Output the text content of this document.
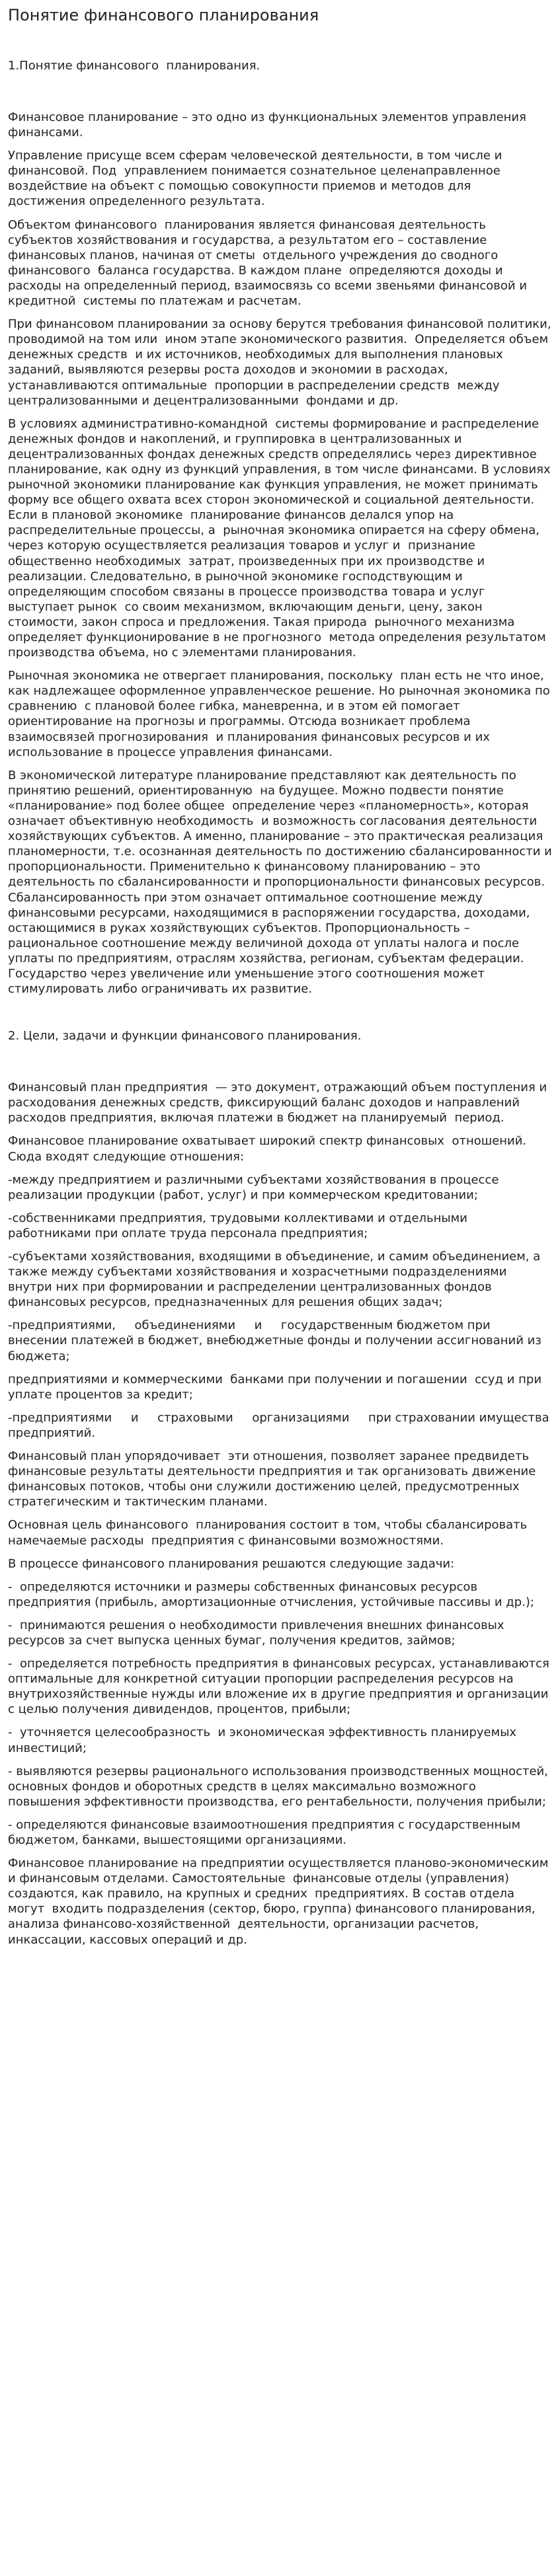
Понятие финансового планирования
1.Понятие финансового  планирования.

Финансовое планирование – это одно из функциональных элементов управления финансами.

Управление присуще всем сферам человеческой деятельности, в том числе и финансовой. Под  управлением понимается сознательное целенаправленное воздействие на объект с помощью совокупности приемов и методов для достижения определенного результата.

Объектом финансового  планирования является финансовая деятельность субъектов хозяйствования и государства, а результатом его – составление финансовых планов, начиная от сметы  отдельного учреждения до сводного финансового  баланса государства. В каждом плане  определяются доходы и расходы на определенный период, взаимосвязь со всеми звеньями финансовой и кредитной  системы по платежам и расчетам.

При финансовом планировании за основу берутся требования финансовой политики, проводимой на том или  ином этапе экономического развития.  Определяется объем денежных средств  и их источников, необходимых для выполнения плановых заданий, выявляются резервы роста доходов и экономии в расходах, устанавливаются оптимальные  пропорции в распределении средств  между централизованными и децентрализованными  фондами и др.

В условиях административно-командной  системы формирование и распределение  денежных фондов и накоплений, и группировка в централизованных и децентрализованных фондах денежных средств определялись через директивное  планирование, как одну из функций управления, в том числе финансами. В условиях рыночной экономики планирование как функция управления, не может принимать форму все общего охвата всех сторон экономической и социальной деятельности. Если в плановой экономике  планирование финансов делался упор на распределительные процессы, а  рыночная экономика опирается на сферу обмена, через которую осуществляется реализация товаров и услуг и  признание общественно необходимых  затрат, произведенных при их производстве и реализации. Следовательно, в рыночной экономике господствующим и определяющим способом связаны в процессе производства товара и услуг выступает рынок  со своим механизмом, включающим деньги, цену, закон стоимости, закон спроса и предложения. Такая природа  рыночного механизма определяет функционирование в не прогнозного  метода определения результатом  производства объема, но с элементами планирования.

Рыночная экономика не отвергает планирования, поскольку  план есть не что иное, как надлежащее оформленное управленческое решение. Но рыночная экономика по сравнению  с плановой более гибка, маневренна, и в этом ей помогает ориентирование на прогнозы и программы. Отсюда возникает проблема взаимосвязей прогнозирования  и планирования финансовых ресурсов и их использование в процессе управления финансами.

В экономической литературе планирование представляют как деятельность по принятию решений, ориентированную  на будущее. Можно подвести понятие «планирование» под более общее  определение через «планомерность», которая означает объективную необходимость  и возможность согласования деятельности хозяйствующих субъектов. А именно, планирование – это практическая реализация планомерности, т.е. осознанная деятельность по достижению сбалансированности и пропорциональности. Применительно к финансовому планированию – это деятельность по сбалансированности и пропорциональности финансовых ресурсов. Сбалансированность при этом означает оптимальное соотношение между финансовыми ресурсами, находящимися в распоряжении государства, доходами, остающимися в руках хозяйствующих субъектов. Пропорциональность – рациональное соотношение между величиной дохода от уплаты налога и после уплаты по предприятиям, отраслям хозяйства, регионам, субъектам федерации. Государство через увеличение или уменьшение этого соотношения может стимулировать либо ограничивать их развитие.

2. Цели, задачи и функции финансового планирования.

Финансовый план предприятия  — это документ, отражающий объем поступления и расходования денежных средств, фиксирующий баланс доходов и направлений расходов предприятия, включая платежи в бюджет на планируемый  период.

Финансовое планирование охватывает широкий спектр финансовых  отношений. Сюда входят следующие отношения:

-между предприятием и различными субъектами хозяйствования в процессе реализации продукции (работ, услуг) и при коммерческом кредитовании;

-собственниками предприятия, трудовыми коллективами и отдельными работниками при оплате труда персонала предприятия;

-субъектами хозяйствования, входящими в объединение, и самим объединением, а также между субъектами хозяйствования и хозрасчетными подразделениями внутри них при формировании и распределении централизованных фондов финансовых ресурсов, предназначенных для решения общих задач;

-предприятиями,     объединениями     и     государственным бюджетом при внесении платежей в бюджет, внебюджетные фонды и получении ассигнований из бюджета;

предприятиями и коммерческими  банками при получении и погашении  ссуд и при уплате процентов за кредит;

-предприятиями     и     страховыми     организациями     при страховании имущества предприятий.

Финансовый план упорядочивает  эти отношения, позволяет заранее предвидеть финансовые результаты деятельности предприятия и так организовать движение финансовых потоков, чтобы они служили достижению целей, предусмотренных  стратегическим и тактическим планами.

Основная цель финансового  планирования состоит в том, чтобы сбалансировать намечаемые расходы  предприятия с финансовыми возможностями.

В процессе финансового планирования решаются следующие задачи:

-  определяются источники и размеры собственных финансовых ресурсов предприятия (прибыль, амортизационные отчисления, устойчивые пассивы и др.);

-  принимаются решения о необходимости привлечения внешних финансовых ресурсов за счет выпуска ценных бумаг, получения кредитов, займов;

-  определяется потребность предприятия в финансовых ресурсах, устанавливаются оптимальные для конкретной ситуации пропорции распределения ресурсов на внутрихозяйственные нужды или вложение их в другие предприятия и организации с целью получения дивидендов, процентов, прибыли;

-  уточняется целесообразность  и экономическая эффективность планируемых инвестиций;

- выявляются резервы рационального использования производственных мощностей, основных фондов и оборотных средств в целях максимально возможного повышения эффективности производства, его рентабельности, получения прибыли;

- определяются финансовые взаимоотношения предприятия с государственным бюджетом, банками, вышестоящими организациями.

Финансовое планирование на предприятии осуществляется планово-экономическим  и финансовым отделами. Самостоятельные  финансовые отделы (управления) создаются, как правило, на крупных и средних  предприятиях. В состав отдела могут  входить подразделения (сектор, бюро, группа) финансового планирования, анализа финансово-хозяйственной  деятельности, организации расчетов, инкассации, кассовых операций и др.
